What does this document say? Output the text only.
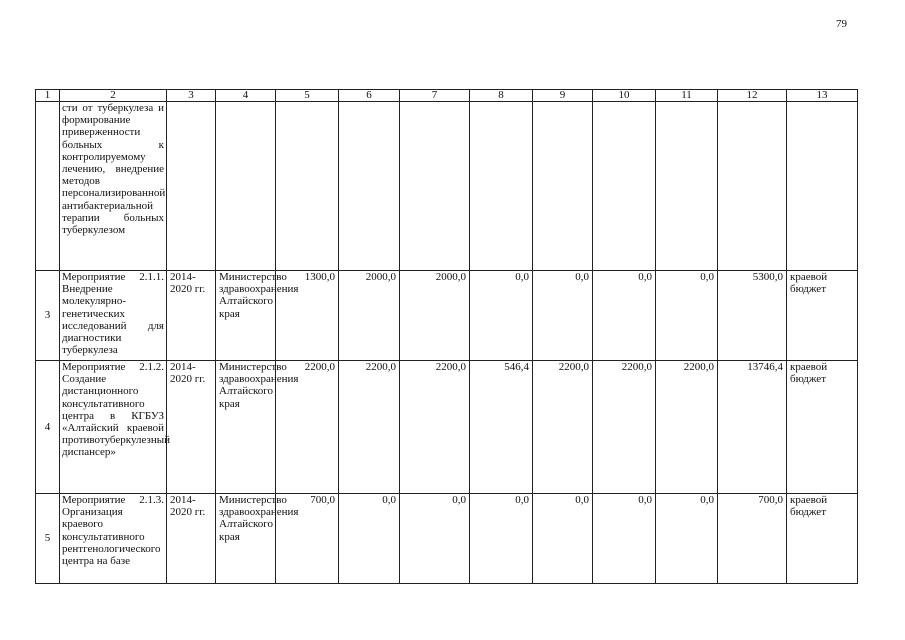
79
1	2	3	4	5	6	7	8	9	10	11	12	13
	сти от туберкулеза и формирование приверженности больных к контролируемому лечению, внедрение методов персонализированной антибактериальной терапии больных туберкулезом											
3	Мероприятие 2.1.1. Внедрение молекулярно-генетических исследований для диагностики туберкулеза	2014-2020 гг.	Министерство здравоохранения Алтайского края	1300,0	2000,0	2000,0	0,0	0,0	0,0	0,0	5300,0	краевой бюджет
4	Мероприятие 2.1.2. Создание дистанционного консультативного центра в КГБУЗ «Алтайский краевой противотуберкулезный диспансер»	2014-2020 гг.	Министерство здравоохранения Алтайского края	2200,0	2200,0	2200,0	546,4	2200,0	2200,0	2200,0	13746,4	краевой бюджет
5	Мероприятие 2.1.3. Организация краевого консультативного рентгенологического центра на базе	2014-2020 гг.	Министерство здравоохранения Алтайского края	700,0	0,0	0,0	0,0	0,0	0,0	0,0	700,0	краевой бюджет
